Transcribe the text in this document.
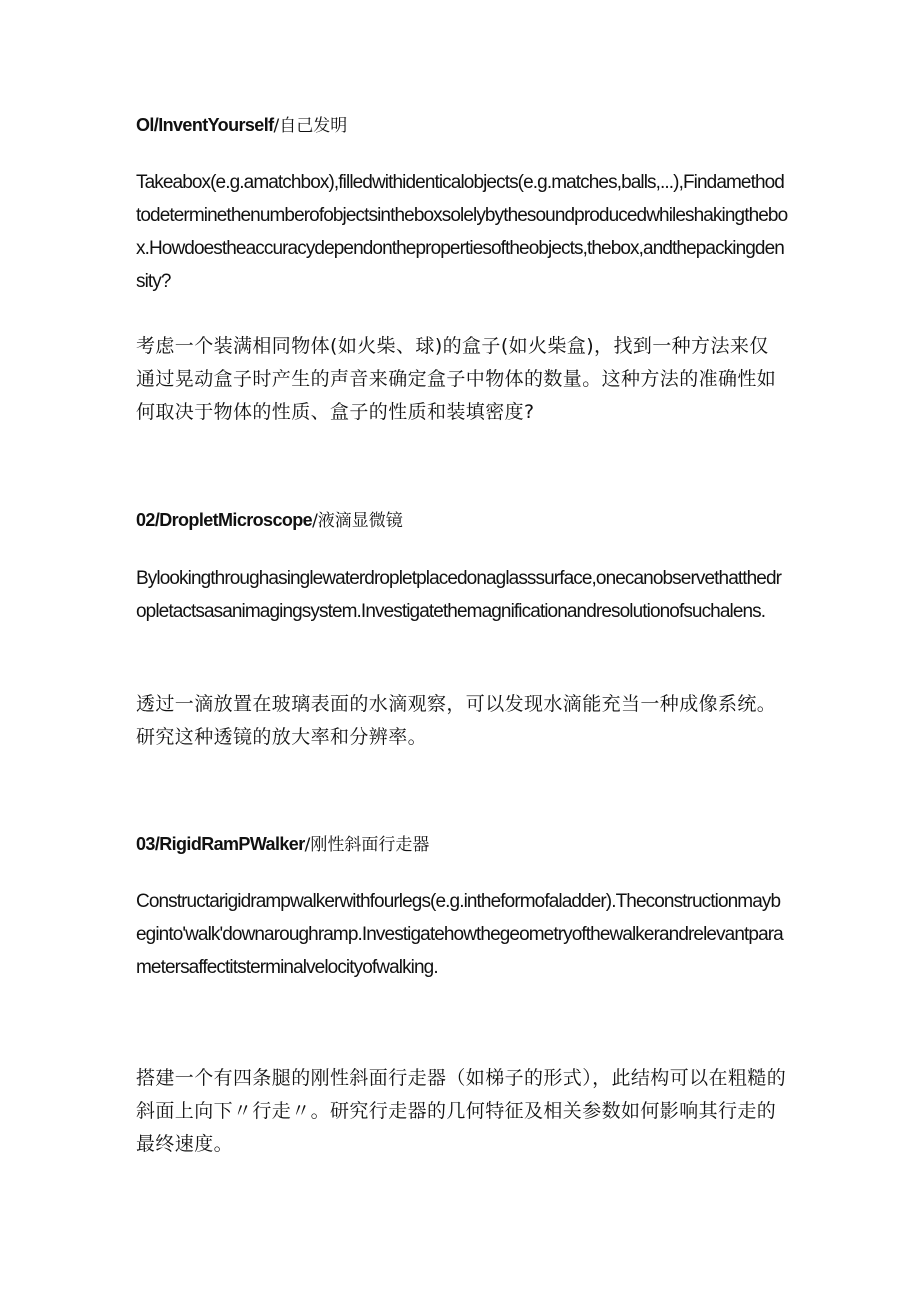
Ol/InventYourself/自己发明

Takeabox(e.g.amatchbox),filledwithidenticalobjects(e.g.matches,balls,...),Findamethodtodeterminethenumberofobjectsintheboxsolelybythesoundproducedwhileshakingthebox.Howdoestheaccuracydependonthepropertiesoftheobjects,thebox,andthepackingdensity?

考虑一个装满相同物体(如火柴、球)的盒子(如火柴盒)，找到一种方法来仅通过晃动盒子时产生的声音来确定盒子中物体的数量。这种方法的准确性如何取决于物体的性质、盒子的性质和装填密度?

02/DropletMicroscope/液滴显微镜

Bylookingthroughasinglewaterdropletplacedonaglasssurface,onecanobservethatthedropletactsasanimagingsystem.Investigatethemagnificationandresolutionofsuchalens.

透过一滴放置在玻璃表面的水滴观察，可以发现水滴能充当一种成像系统。研究这种透镜的放大率和分辨率。

03/RigidRamPWalker/刚性斜面行走器

Constructarigidrampwalkerwithfourlegs(e.g.intheformofaladder).Theconstructionmaybeginto'walk'downaroughramp.Investigatehowthegeometryofthewalkerandrelevantparametersaffectitsterminalvelocityofwalking.

搭建一个有四条腿的刚性斜面行走器（如梯子的形式），此结构可以在粗糙的斜面上向下〃行走〃。研究行走器的几何特征及相关参数如何影响其行走的最终速度。
